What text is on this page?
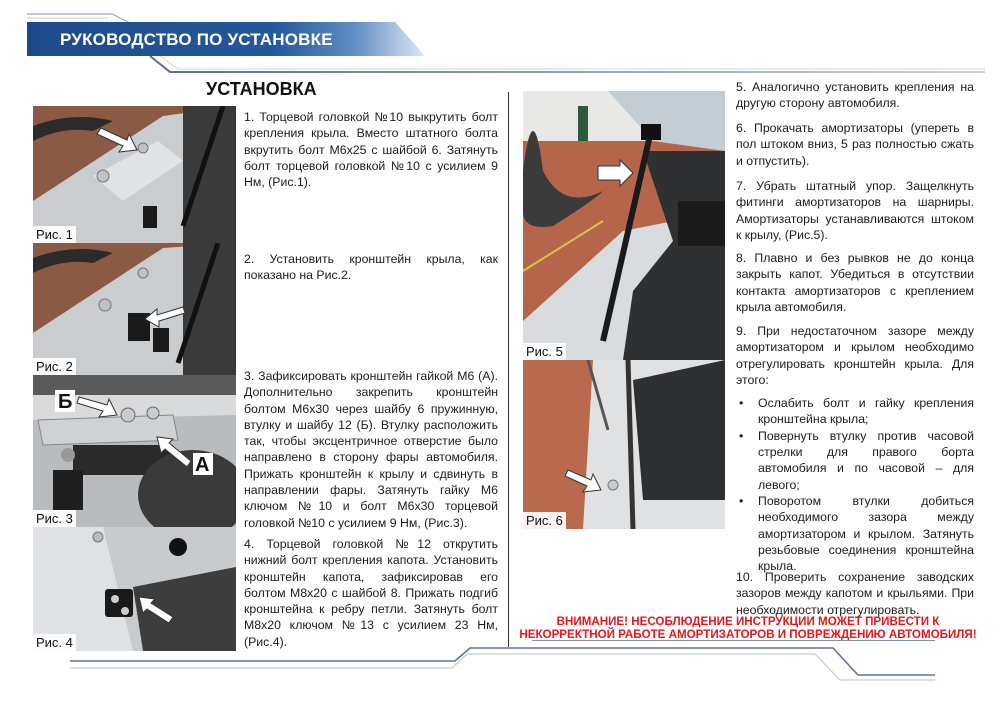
РУКОВОДСТВО ПО УСТАНОВКЕ
УСТАНОВКА
Рис. 1
Рис. 2
Б
А
Рис. 3
Рис. 4

1. Торцевой головкой №10 выкрутить болт крепления крыла. Вместо штатного болта вкрутить болт М6х25 с шайбой 6. Затянуть болт торцевой головкой №10 с усилием 9 Нм, (Рис.1).

2. Установить кронштейн крыла, как показано на Рис.2.

3. Зафиксировать кронштейн гайкой М6 (А). Дополнительно закрепить кронштейн болтом М6х30 через шайбу 6 пружинную, втулку и шайбу 12 (Б). Втулку расположить так, чтобы эксцентричное отверстие было направлено в сторону фары автомобиля. Прижать кронштейн к крылу и сдвинуть в направлении фары. Затянуть гайку М6 ключом №10 и болт М6х30 торцевой головкой №10 с усилием 9 Нм, (Рис.3).

4. Торцевой головкой №12 открутить нижний болт крепления капота. Установить кронштейн капота, зафиксировав его болтом М8х20 с шайбой 8. Прижать подгиб кронштейна к ребру петли. Затянуть болт М8х20 ключом №13 с усилием 23 Нм, (Рис.4).

Рис. 5
Рис. 6

5. Аналогично установить крепления на другую сторону автомобиля.

6. Прокачать амортизаторы (упереть в пол штоком вниз, 5 раз полностью сжать и отпустить).

7. Убрать штатный упор. Защелкнуть фитинги амортизаторов на шарниры. Амортизаторы устанавливаются штоком к крылу, (Рис.5).

8. Плавно и без рывков не до конца закрыть капот. Убедиться в отсутствии контакта амортизаторов с креплением крыла автомобиля.

9. При недостаточном зазоре между амортизатором и крылом необходимо отрегулировать кронштейн крыла. Для этого:

• Ослабить болт и гайку крепления кронштейна крыла;
• Повернуть втулку против часовой стрелки для правого борта автомобиля и по часовой – для левого;
• Поворотом втулки добиться необходимого зазора между амортизатором и крылом. Затянуть резьбовые соединения кронштейна крыла.

10. Проверить сохранение заводских зазоров между капотом и крыльями. При необходимости отрегулировать.

ВНИМАНИЕ! НЕСОБЛЮДЕНИЕ ИНСТРУКЦИИ МОЖЕТ ПРИВЕСТИ К
НЕКОРРЕКТНОЙ РАБОТЕ АМОРТИЗАТОРОВ И ПОВРЕЖДЕНИЮ АВТОМОБИЛЯ!
